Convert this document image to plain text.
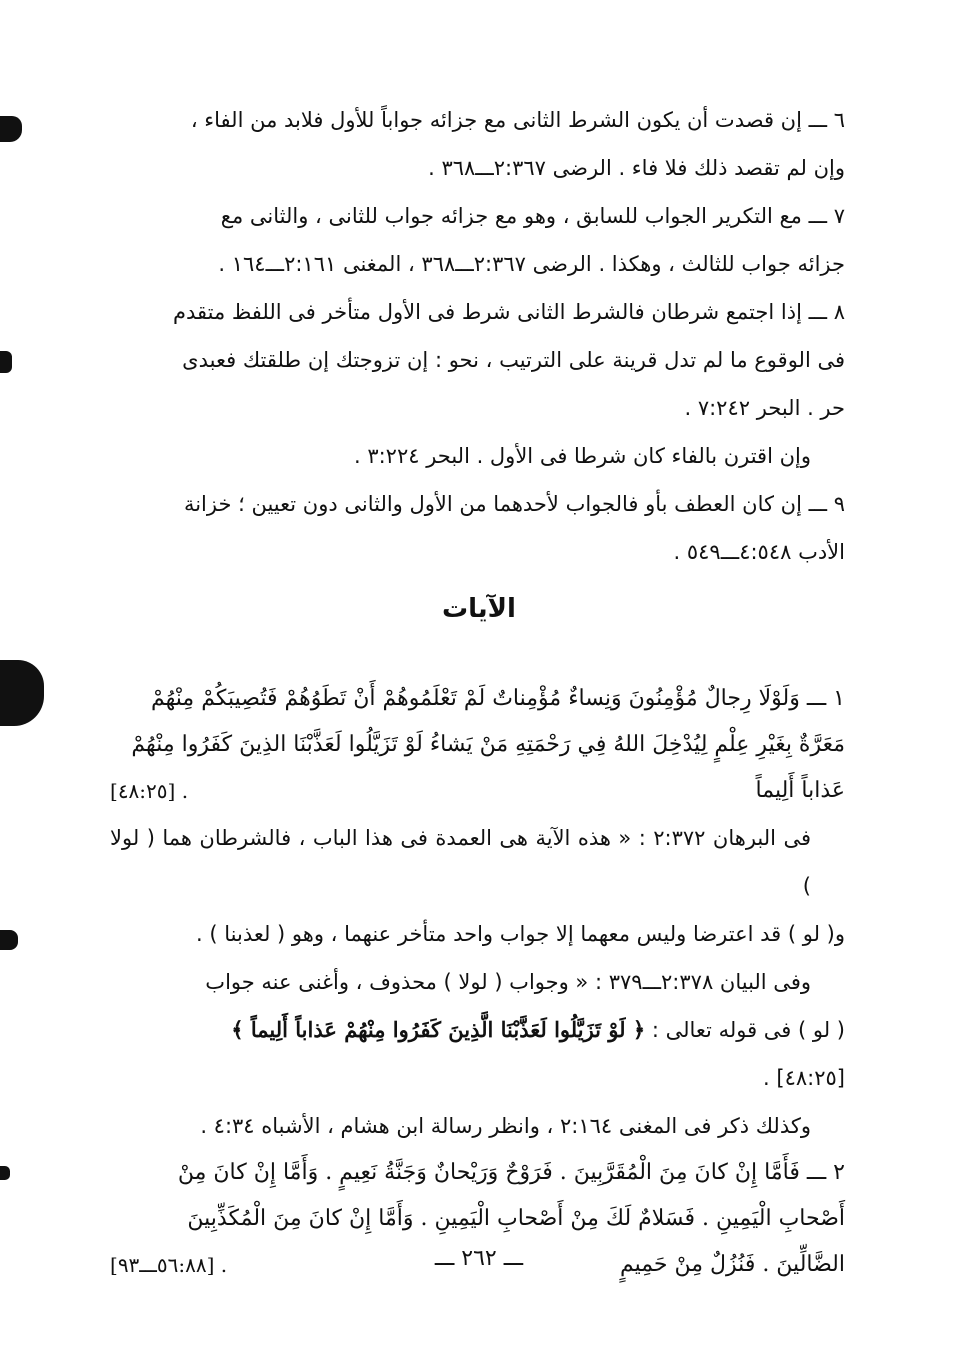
٦ ـــ إن قصدت أن يكون الشرط الثانى مع جزائه جواباً للأول فلابد من الفاء ،

وإن لم تقصد ذلك فلا فاء . الرضى ٢:٣٦٧ـــ٣٦٨ .

٧ ـــ مع التكرير الجواب للسابق ، وهو مع جزائه جواب للثانى ، والثانى مع

جزائه جواب للثالث ، وهكذا . الرضى ٢:٣٦٧ـــ٣٦٨ ، المغنى ٢:١٦١ـــ١٦٤ .

٨ ـــ إذا اجتمع شرطان فالشرط الثانى شرط فى الأول متأخر فى اللفظ متقدم

فى الوقوع ما لم تدل قرينة على الترتيب ، نحو : إن تزوجتك إن طلقتك فعبدى

حر . البحر ٧:٢٤٢ .

وإن اقترن بالفاء كان شرطا فى الأول . البحر ٣:٢٢٤ .

٩ ـــ إن كان العطف بأو فالجواب لأحدهما من الأول والثانى دون تعيين ؛ خزانة

الأدب ٤:٥٤٨ـــ٥٤٩ .

الآيات

١ ـــ وَلَوْلَا رِجالٌ مُؤْمِنُونَ وَنِساءٌ مُؤْمِناتٌ لَمْ تَعْلَمُوهُمْ أَنْ تَطَوُهُمْ فَتُصِيبَكُمْ مِنْهُمْ

مَعَرَّةٌ بِغَيْرِ عِلْمٍ لِيُدْخِلَ اللهُ فِي رَحْمَتِهِ مَنْ يَشاءُ لَوْ تَزَيَّلُوا لَعَذَّبْنَا الذِينَ كَفَرُوا مِنْهُمْ

عَذاباً أَلِيماً
[٤٨:٢٥] .

فى البرهان ٢:٣٧٢ : « هذه الآية هى العمدة فى هذا الباب ، فالشرطان هما ( لولا )

و( لو ) قد اعترضا وليس معهما إلا جواب واحد متأخر عنهما ، وهو ( لعذبنا ) .

وفى البيان ٢:٣٧٨ـــ٣٧٩ : « وجواب ( لولا ) محذوف ، وأغنى عنه جواب

( لو ) فى قوله تعالى : ﴿ لَوْ تَزَيَّلُوا لَعَذَّبْنَا الَّذِينَ كَفَرُوا مِنْهُمْ عَذاباً أَلِيماً ﴾

[٤٨:٢٥] .

وكذلك ذكر فى المغنى ٢:١٦٤ ، وانظر رسالة ابن هشام ، الأشباه ٤:٣٤ .

٢ ـــ فَأَمَّا إِنْ كانَ مِنَ الْمُقَرَّبِينَ . فَرَوْحٌ وَرَيْحانٌ وَجَنَّةُ نَعِيمٍ . وَأَمَّا إِنْ كانَ مِنْ

أَصْحابِ الْيَمِينِ . فَسَلامٌ لَكَ مِنْ أَصْحابِ الْيَمِينِ . وَأَمَّا إِنْ كانَ مِنَ الْمُكَذِّبِينَ

الضَّالِّينَ . فَنُزُلٌ مِنْ حَمِيمٍ
[٥٦:٨٨ـــ٩٣] .	ـــ ٢٦٢ ـــ
